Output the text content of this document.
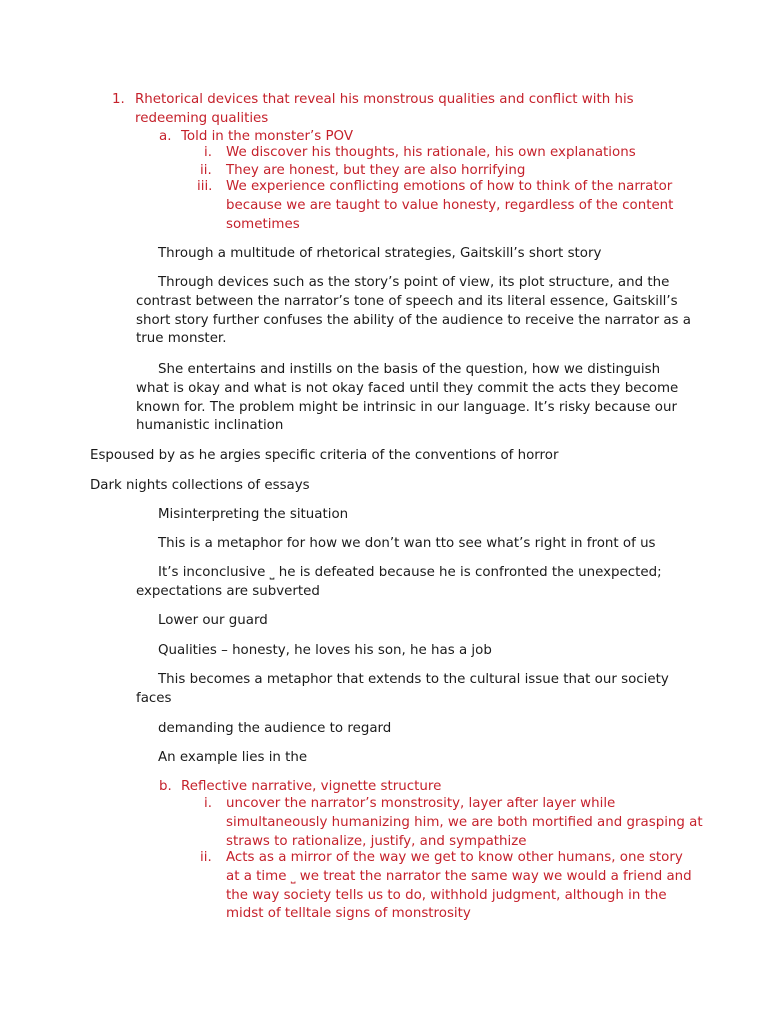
1. Rhetorical devices that reveal his monstrous qualities and conflict with his redeeming qualities

a. Told in the monster’s POV

i. We discover his thoughts, his rationale, his own explanations

ii. They are honest, but they are also horrifying

iii. We experience conflicting emotions of how to think of the narrator because we are taught to value honesty, regardless of the content sometimes

Through a multitude of rhetorical strategies, Gaitskill’s short story

Through devices such as the story’s point of view, its plot structure, and the contrast between the narrator’s tone of speech and its literal essence, Gaitskill’s short story further confuses the ability of the audience to receive the narrator as a true monster.

She entertains and instills on the basis of the question, how we distinguish what is okay and what is not okay faced until they commit the acts they become known for. The problem might be intrinsic in our language. It’s risky because our humanistic inclination

Espoused by as he argies specific criteria of the conventions of horror

Dark nights collections of essays

Misinterpreting the situation

This is a metaphor for how we don’t wan tto see what’s right in front of us

It’s inconclusive ⎵ he is defeated because he is confronted the unexpected; expectations are subverted

Lower our guard

Qualities – honesty, he loves his son, he has a job

This becomes a metaphor that extends to the cultural issue that our society faces

demanding the audience to regard

An example lies in the

b. Reflective narrative, vignette structure

i. uncover the narrator’s monstrosity, layer after layer while simultaneously humanizing him, we are both mortified and grasping at straws to rationalize, justify, and sympathize

ii. Acts as a mirror of the way we get to know other humans, one story at a time ⎵ we treat the narrator the same way we would a friend and the way society tells us to do, withhold judgment, although in the midst of telltale signs of monstrosity
